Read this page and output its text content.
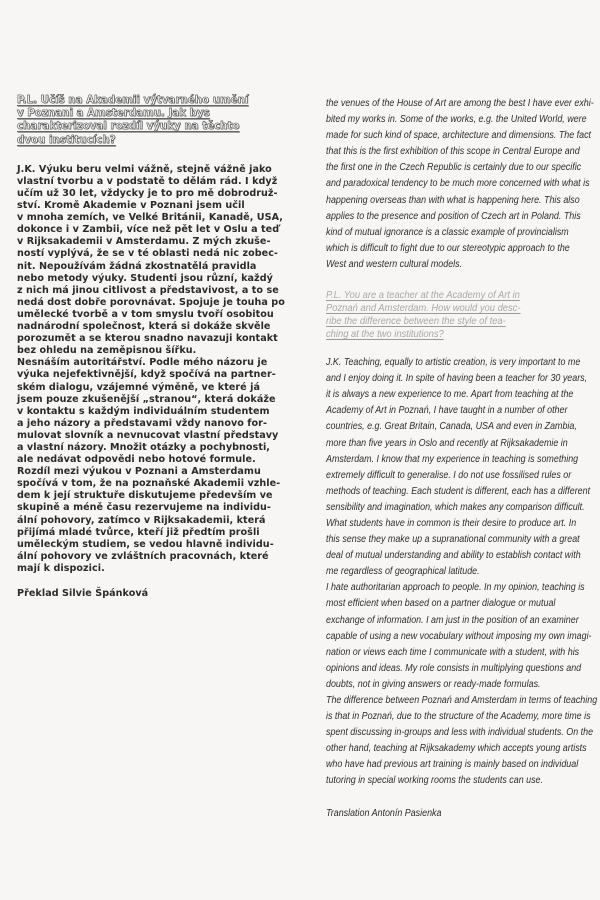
P.L. Učíš na Akademii výtvarného umění
v Poznani a Amsterdamu. Jak bys
charakterizoval rozdíl výuky na těchto
dvou institucích?
J.K. Výuku beru velmi vážně, stejně vážně jako
vlastní tvorbu a v podstatě to dělám rád. I když
učím už 30 let, vždycky je to pro mě dobrodruž-
ství. Kromě Akademie v Poznani jsem učil
v mnoha zemích, ve Velké Británii, Kanadě, USA,
dokonce i v Zambii, více než pět let v Oslu a teď
v Rijksakademii v Amsterdamu. Z mých zkuše-
ností vyplývá, že se v té oblasti nedá nic zobec-
nit. Nepoužívám žádná zkostnatělá pravidla
nebo metody výuky. Studenti jsou různí, každý
z nich má jinou citlivost a představivost, a to se
nedá dost dobře porovnávat. Spojuje je touha po
umělecké tvorbě a v tom smyslu tvoří osobitou
nadnárodní společnost, která si dokáže skvěle
porozumět a se kterou snadno navazuji kontakt
bez ohledu na zeměpisnou šířku.
Nesnáším autoritářství. Podle mého názoru je
výuka nejefektivnější, když spočívá na partner-
ském dialogu, vzájemné výměně, ve které já
jsem pouze zkušenější „stranou“, která dokáže
v kontaktu s každým individuálním studentem
a jeho názory a představami vždy nanovo for-
mulovat slovník a nevnucovat vlastní představy
a vlastní názory. Množit otázky a pochybnosti,
ale nedávat odpovědi nebo hotové formule.
Rozdíl mezi výukou v Poznani a Amsterdamu
spočívá v tom, že na poznaňské Akademii vzhle-
dem k její struktuře diskutujeme především ve
skupině a méně času rezervujeme na individu-
ální pohovory, zatímco v Rijksakademii, která
přijímá mladé tvůrce, kteří již předtím prošli
uměleckým studiem, se vedou hlavně individu-
ální pohovory ve zvláštních pracovnách, které
mají k dispozici.
Překlad Silvie Špánková
the venues of the House of Art are among the best I have ever exhi-
bited my works in. Some of the works, e.g. the United World, were
made for such kind of space, architecture and dimensions. The fact
that this is the first exhibition of this scope in Central Europe and
the first one in the Czech Republic is certainly due to our specific
and paradoxical tendency to be much more concerned with what is
happening overseas than with what is happening here. This also
applies to the presence and position of Czech art in Poland. This
kind of mutual ignorance is a classic example of provincialism
which is difficult to fight due to our stereotypic approach to the
West and western cultural models.
P.L. You are a teacher at the Academy of Art in
Poznań and Amsterdam. How would you desc-
ribe the difference between the style of tea-
ching at the two institutions?
J.K. Teaching, equally to artistic creation, is very important to me
and I enjoy doing it. In spite of having been a teacher for 30 years,
it is always a new experience to me. Apart from teaching at the
Academy of Art in Poznań, I have taught in a number of other
countries, e.g. Great Britain, Canada, USA and even in Zambia,
more than five years in Oslo and recently at Rijksakademie in
Amsterdam. I know that my experience in teaching is something
extremely difficult to generalise. I do not use fossilised rules or
methods of teaching. Each student is different, each has a different
sensibility and imagination, which makes any comparison difficult.
What students have in common is their desire to produce art. In
this sense they make up a supranational community with a great
deal of mutual understanding and ability to establish contact with
me regardless of geographical latitude.
I hate authoritarian approach to people. In my opinion, teaching is
most efficient when based on a partner dialogue or mutual
exchange of information. I am just in the position of an examiner
capable of using a new vocabulary without imposing my own imagi-
nation or views each time I communicate with a student, with his
opinions and ideas. My role consists in multiplying questions and
doubts, not in giving answers or ready-made formulas.
The difference between Poznań and Amsterdam in terms of teaching
is that in Poznań, due to the structure of the Academy, more time is
spent discussing in-groups and less with individual students. On the
other hand, teaching at Rijksakademy which accepts young artists
who have had previous art training is mainly based on individual
tutoring in special working rooms the students can use.
Translation Antonín Pasienka
